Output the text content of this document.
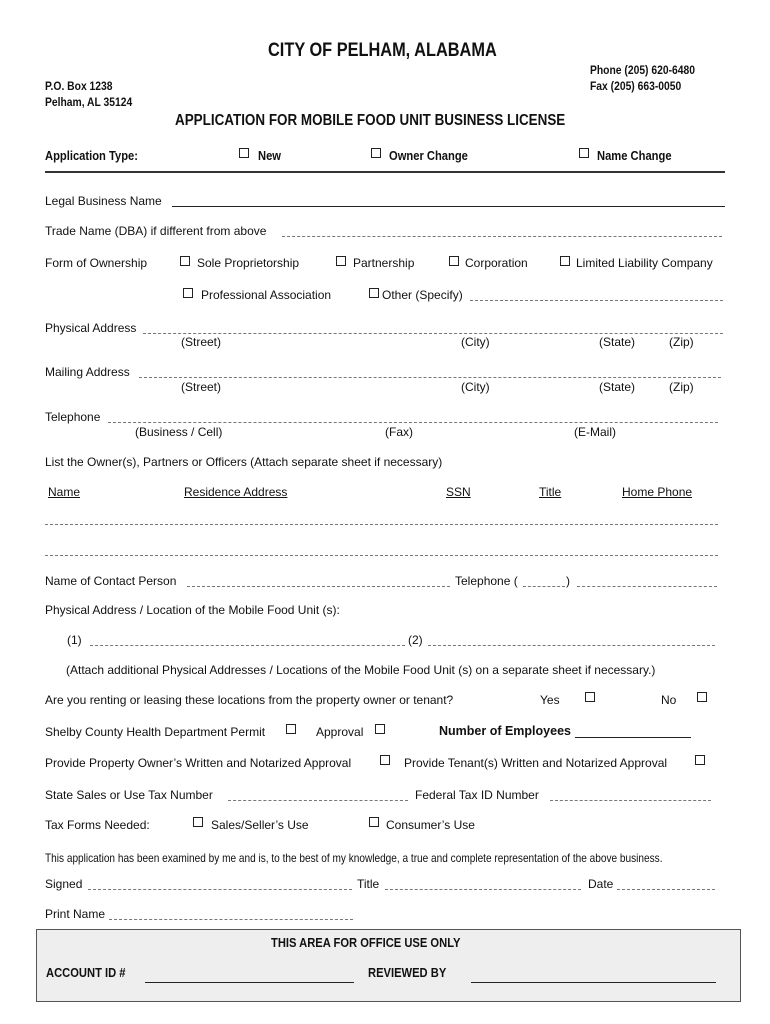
CITY OF PELHAM, ALABAMA
P.O. Box 1238
Pelham, AL 35124
Phone (205) 620-6480
Fax (205) 663-0050
APPLICATION FOR MOBILE FOOD UNIT BUSINESS LICENSE
Application Type:	New	Owner Change	Name Change
Legal Business Name
Trade Name (DBA) if different from above
Form of Ownership	Sole Proprietorship	Partnership	Corporation	Limited Liability Company
Professional Association	Other (Specify)
Physical Address
(Street)	(City)	(State)	(Zip)
Mailing Address
(Street)	(City)	(State)	(Zip)
Telephone
(Business / Cell)	(Fax)	(E-Mail)
List the Owner(s), Partners or Officers (Attach separate sheet if necessary)
Name	Residence Address	SSN	Title	Home Phone
Name of Contact Person	Telephone (	)
Physical Address / Location of the Mobile Food Unit (s):
(1)	(2)
(Attach additional Physical Addresses / Locations of the Mobile Food Unit (s) on a separate sheet if necessary.)
Are you renting or leasing these locations from the property owner or tenant?	Yes	No
Shelby County Health Department Permit	Approval	Number of Employees
Provide Property Owner’s Written and Notarized Approval	Provide Tenant(s) Written and Notarized Approval
State Sales or Use Tax Number	Federal Tax ID Number
Tax Forms Needed:	Sales/Seller’s Use	Consumer’s Use
This application has been examined by me and is, to the best of my knowledge, a true and complete representation of the above business.
Signed	Title	Date
Print Name
THIS AREA FOR OFFICE USE ONLY
ACCOUNT ID #	REVIEWED BY
